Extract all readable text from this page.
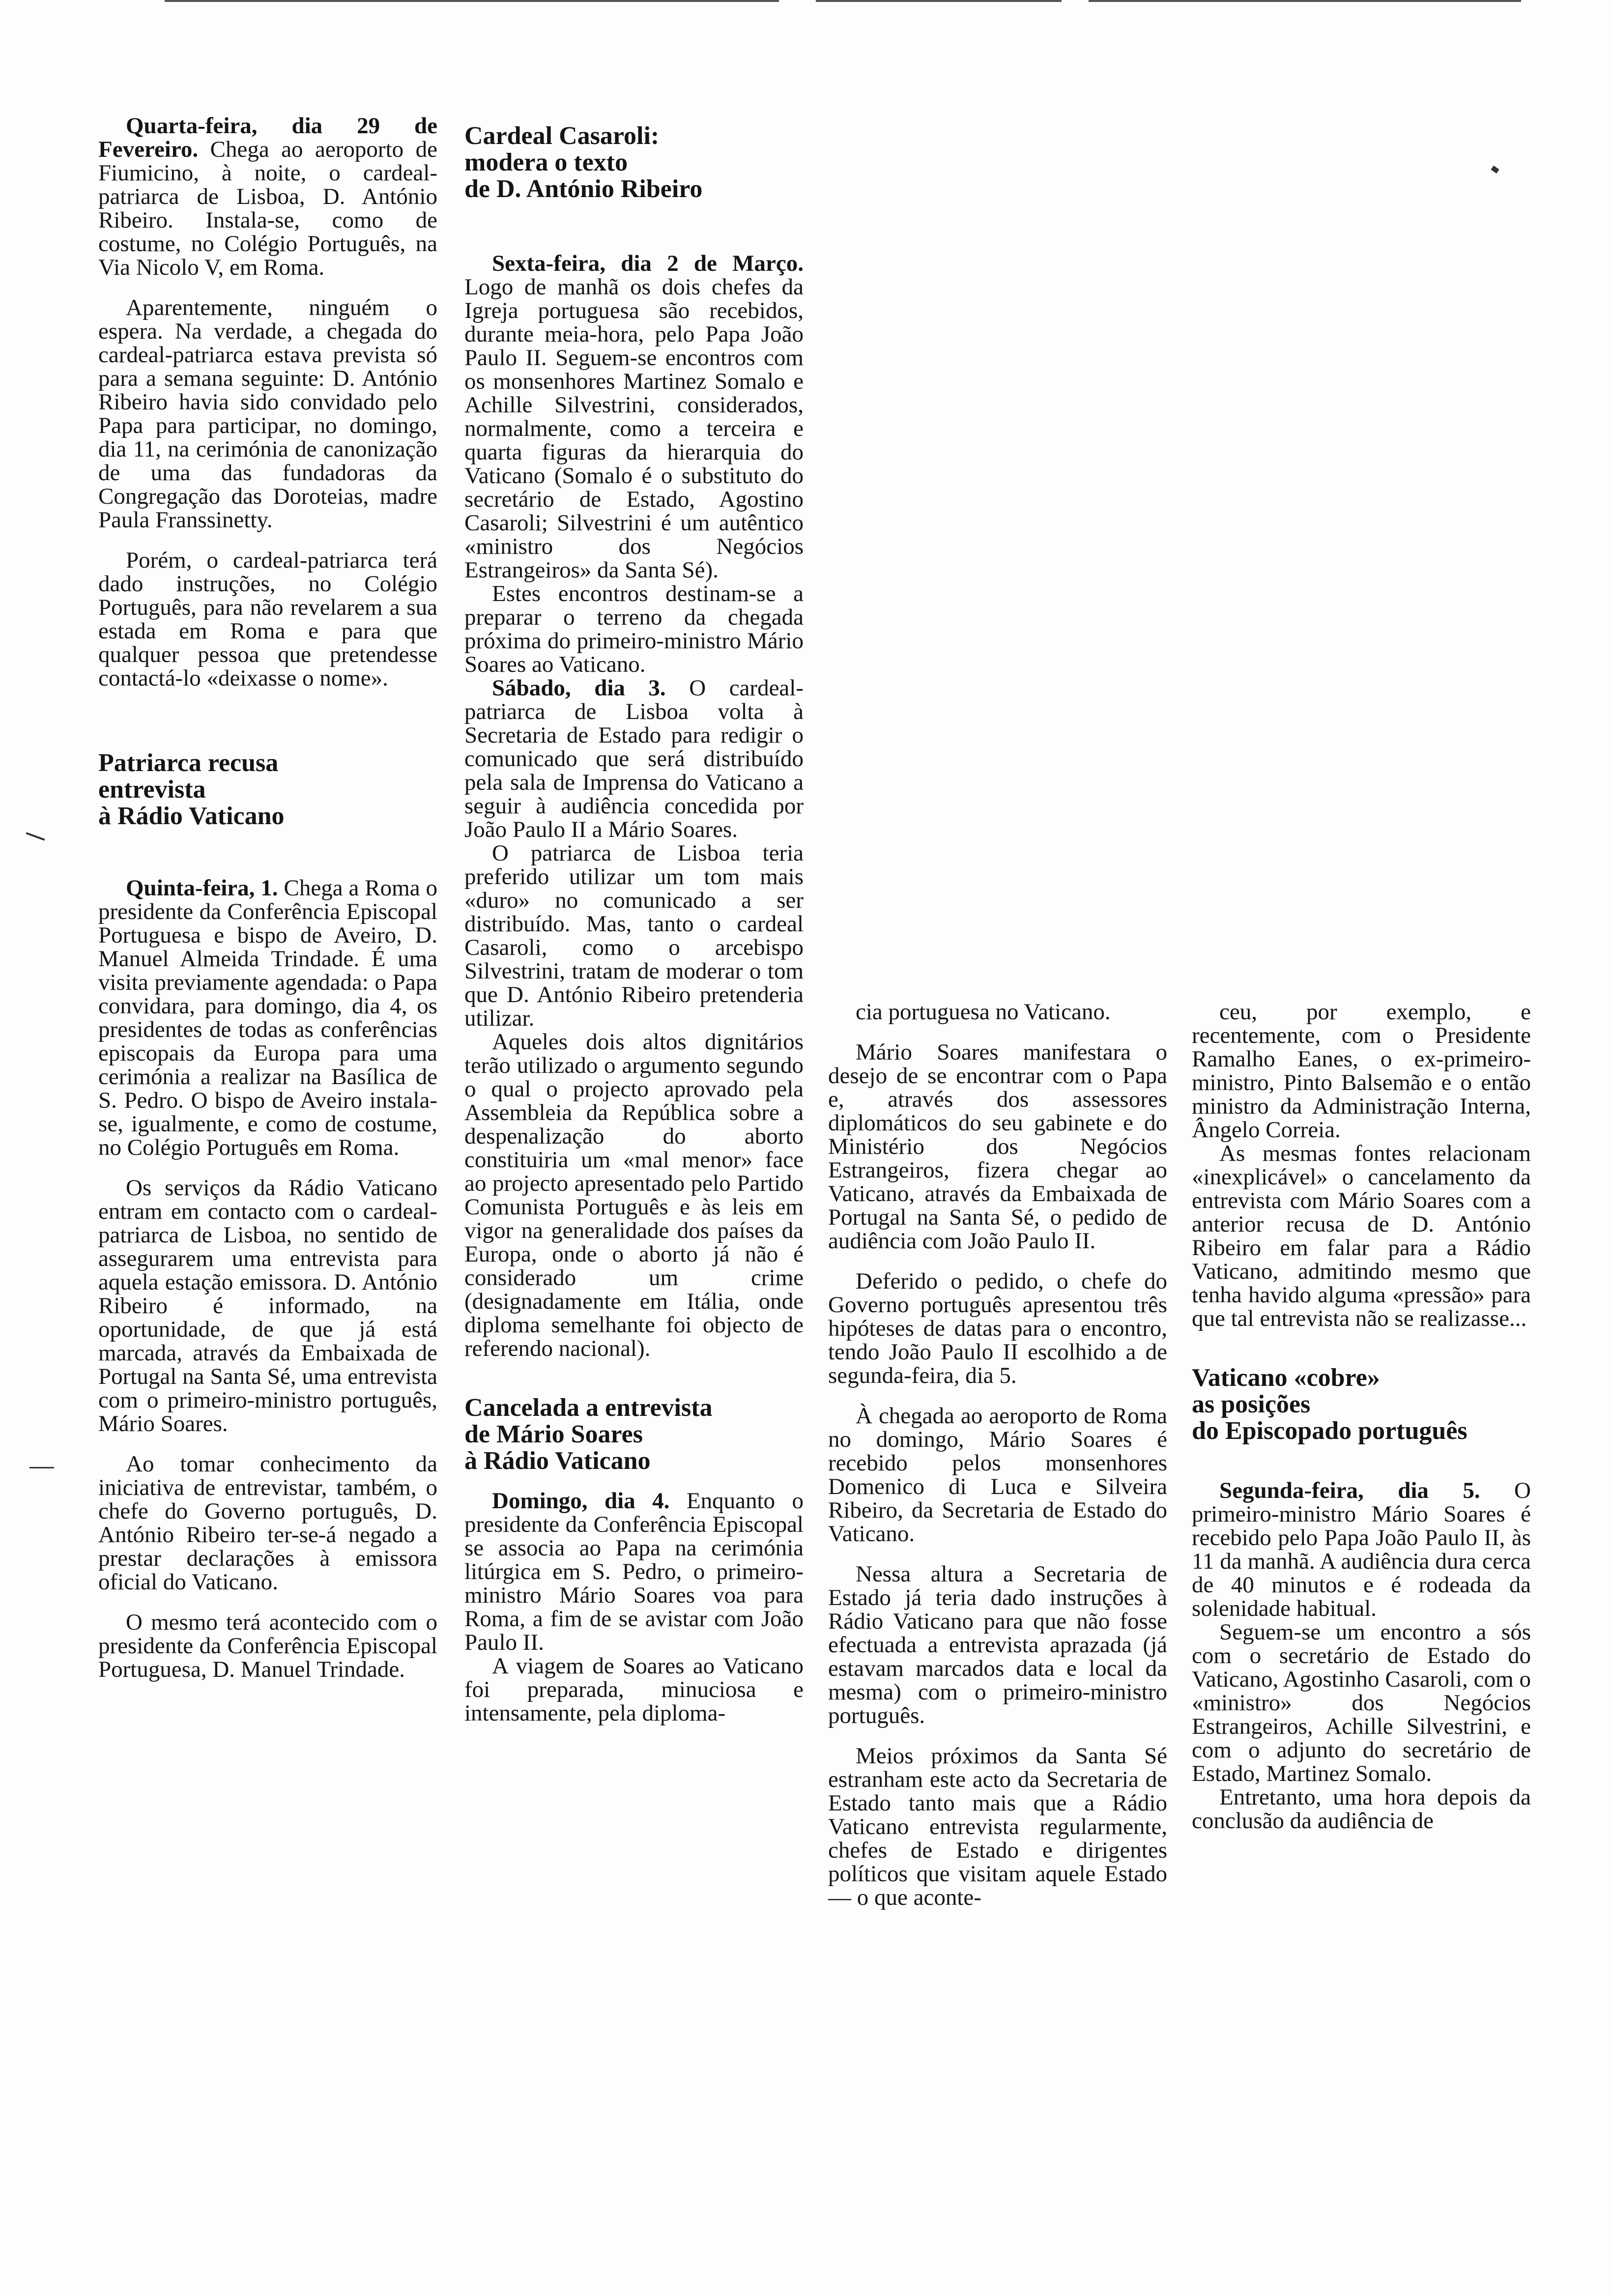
Quarta-feira, dia 29 de Fevereiro. Chega ao aeroporto de Fiumicino, à noite, o cardeal-patriarca de Lisboa, D. António Ribeiro. Instala-se, como de costume, no Colégio Português, na Via Nicolo V, em Roma.

Aparentemente, ninguém o espera. Na verdade, a chegada do cardeal-patriarca estava prevista só para a semana seguinte: D. António Ribeiro havia sido convidado pelo Papa para participar, no domingo, dia 11, na cerimónia de canonização de uma das fundadoras da Congregação das Doroteias, madre Paula Franssinetty.

Porém, o cardeal-patriarca terá dado instruções, no Colégio Português, para não revelarem a sua estada em Roma e para que qualquer pessoa que pretendesse contactá-lo «deixasse o nome».

Patriarca recusa
entrevista
à Rádio Vaticano

Quinta-feira, 1. Chega a Roma o presidente da Conferência Episcopal Portuguesa e bispo de Aveiro, D. Manuel Almeida Trindade. É uma visita previamente agendada: o Papa convidara, para domingo, dia 4, os presidentes de todas as conferências episcopais da Europa para uma cerimónia a realizar na Basílica de S. Pedro. O bispo de Aveiro instala-se, igualmente, e como de costume, no Colégio Português em Roma.

Os serviços da Rádio Vaticano entram em contacto com o cardeal-patriarca de Lisboa, no sentido de assegurarem uma entrevista para aquela estação emissora. D. António Ribeiro é informado, na oportunidade, de que já está marcada, através da Embaixada de Portugal na Santa Sé, uma entrevista com o primeiro-ministro português, Mário Soares.

Ao tomar conhecimento da iniciativa de entrevistar, também, o chefe do Governo português, D. António Ribeiro ter-se-á negado a prestar declarações à emissora oficial do Vaticano.

O mesmo terá acontecido com o presidente da Conferência Episcopal Portuguesa, D. Manuel Trindade.

Cardeal Casaroli:
modera o texto
de D. António Ribeiro

Sexta-feira, dia 2 de Março. Logo de manhã os dois chefes da Igreja portuguesa são recebidos, durante meia-hora, pelo Papa João Paulo II. Seguem-se encontros com os monsenhores Martinez Somalo e Achille Silvestrini, considerados, normalmente, como a terceira e quarta figuras da hierarquia do Vaticano (Somalo é o substituto do secretário de Estado, Agostino Casaroli; Silvestrini é um autêntico «ministro dos Negócios Estrangeiros» da Santa Sé).

Estes encontros destinam-se a preparar o terreno da chegada próxima do primeiro-ministro Mário Soares ao Vaticano.

Sábado, dia 3. O cardeal-patriarca de Lisboa volta à Secretaria de Estado para redigir o comunicado que será distribuído pela sala de Imprensa do Vaticano a seguir à audiência concedida por João Paulo II a Mário Soares.

O patriarca de Lisboa teria preferido utilizar um tom mais «duro» no comunicado a ser distribuído. Mas, tanto o cardeal Casaroli, como o arcebispo Silvestrini, tratam de moderar o tom que D. António Ribeiro pretenderia utilizar.

Aqueles dois altos dignitários terão utilizado o argumento segundo o qual o projecto aprovado pela Assembleia da República sobre a despenalização do aborto constituiria um «mal menor» face ao projecto apresentado pelo Partido Comunista Português e às leis em vigor na generalidade dos países da Europa, onde o aborto já não é considerado um crime (designadamente em Itália, onde diploma semelhante foi objecto de referendo nacional).

Cancelada a entrevista
de Mário Soares
à Rádio Vaticano

Domingo, dia 4. Enquanto o presidente da Conferência Episcopal se associa ao Papa na cerimónia litúrgica em S. Pedro, o primeiro-ministro Mário Soares voa para Roma, a fim de se avistar com João Paulo II.

A viagem de Soares ao Vaticano foi preparada, minuciosa e intensamente, pela diploma-

cia portuguesa no Vaticano.

Mário Soares manifestara o desejo de se encontrar com o Papa e, através dos assessores diplomáticos do seu gabinete e do Ministério dos Negócios Estrangeiros, fizera chegar ao Vaticano, através da Embaixada de Portugal na Santa Sé, o pedido de audiência com João Paulo II.

Deferido o pedido, o chefe do Governo português apresentou três hipóteses de datas para o encontro, tendo João Paulo II escolhido a de segunda-feira, dia 5.

À chegada ao aeroporto de Roma no domingo, Mário Soares é recebido pelos monsenhores Domenico di Luca e Silveira Ribeiro, da Secretaria de Estado do Vaticano.

Nessa altura a Secretaria de Estado já teria dado instruções à Rádio Vaticano para que não fosse efectuada a entrevista aprazada (já estavam marcados data e local da mesma) com o primeiro-ministro português.

Meios próximos da Santa Sé estranham este acto da Secretaria de Estado tanto mais que a Rádio Vaticano entrevista regularmente, chefes de Estado e dirigentes políticos que visitam aquele Estado — o que aconte-

ceu, por exemplo, e recentemente, com o Presidente Ramalho Eanes, o ex-primeiro-ministro, Pinto Balsemão e o então ministro da Administração Interna, Ângelo Correia.

As mesmas fontes relacionam «inexplicável» o cancelamento da entrevista com Mário Soares com a anterior recusa de D. António Ribeiro em falar para a Rádio Vaticano, admitindo mesmo que tenha havido alguma «pressão» para que tal entrevista não se realizasse...

Vaticano «cobre»
as posições
do Episcopado português

Segunda-feira, dia 5. O primeiro-ministro Mário Soares é recebido pelo Papa João Paulo II, às 11 da manhã. A audiência dura cerca de 40 minutos e é rodeada da solenidade habitual.

Seguem-se um encontro a sós com o secretário de Estado do Vaticano, Agostinho Casaroli, com o «ministro» dos Negócios Estrangeiros, Achille Silvestrini, e com o adjunto do secretário de Estado, Martinez Somalo.

Entretanto, uma hora depois da conclusão da audiência de
